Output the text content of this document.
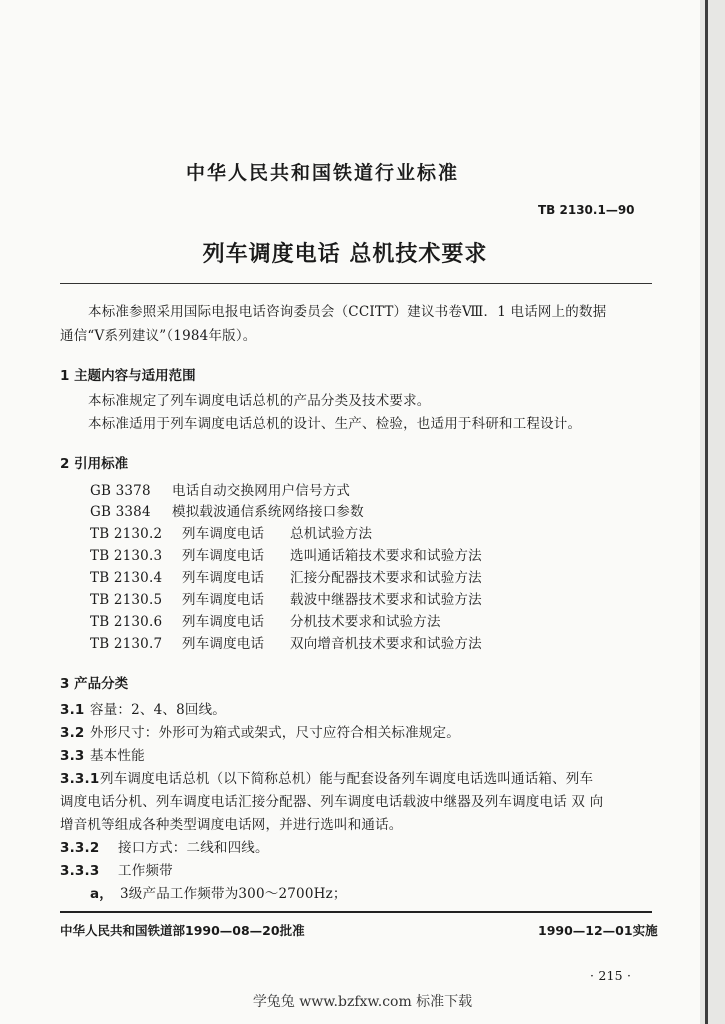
中华人民共和国铁道行业标准
TB 2130.1—90
列车调度电话 总机技术要求
本标准参照采用国际电报电话咨询委员会（CCITT）建议书卷Ⅷ．1 电话网上的数据
通信“V系列建议”（1984年版）。
1 主题内容与适用范围
本标准规定了列车调度电话总机的产品分类及技术要求。
本标准适用于列车调度电话总机的设计、生产、检验，也适用于科研和工程设计。
2 引用标准
GB 3378 电话自动交换网用户信号方式
GB 3384 模拟载波通信系统网络接口参数
TB 2130.2 列车调度电话 总机试验方法
TB 2130.3 列车调度电话 选叫通话箱技术要求和试验方法
TB 2130.4 列车调度电话 汇接分配器技术要求和试验方法
TB 2130.5 列车调度电话 载波中继器技术要求和试验方法
TB 2130.6 列车调度电话 分机技术要求和试验方法
TB 2130.7 列车调度电话 双向增音机技术要求和试验方法
3 产品分类
3.1 容量：2、4、8回线。
3.2 外形尺寸：外形可为箱式或架式，尺寸应符合相关标准规定。
3.3 基本性能
3.3.1列车调度电话总机（以下简称总机）能与配套设备列车调度电话选叫通话箱、列车
调度电话分机、列车调度电话汇接分配器、列车调度电话载波中继器及列车调度电话 双 向
增音机等组成各种类型调度电话网，并进行选叫和通话。
3.3.2 接口方式：二线和四线。
3.3.3 工作频带
a， 3级产品工作频带为300～2700Hz；
中华人民共和国铁道部1990—08—20批准	1990—12—01实施
· 215 ·
学兔兔 www.bzfxw.com 标准下载
